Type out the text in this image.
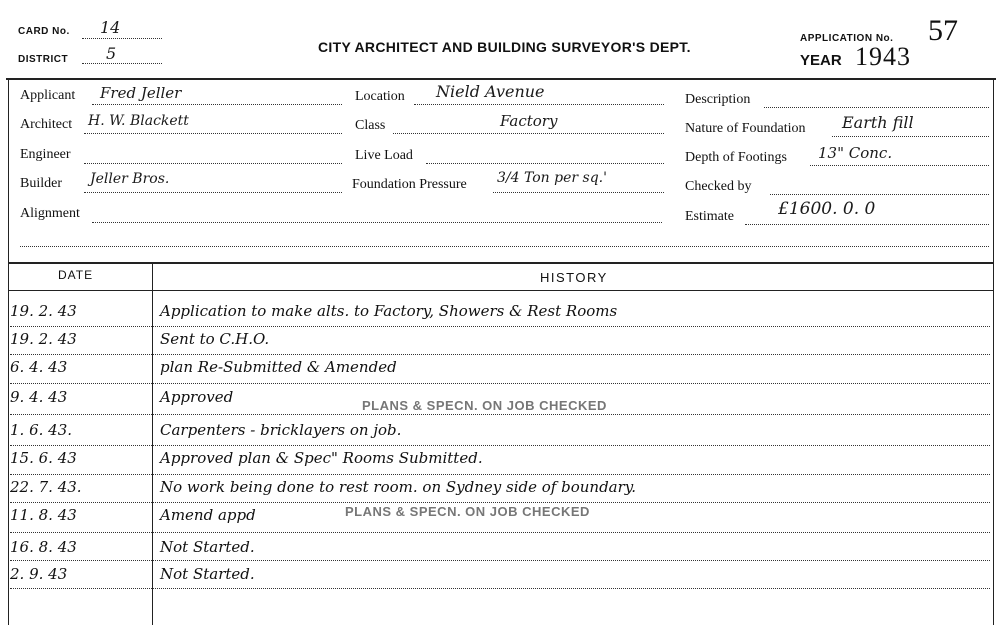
CARD No. 14
DISTRICT 5	CITY ARCHITECT AND BUILDING SURVEYOR'S DEPT.
APPLICATION No. 57
YEAR 1943
Applicant Fred Jeller
Architect H. W. Blackett
Engineer
Builder Jeller Bros.
Alignment
Location Nield Avenue
Class	Factory
Live Load
Foundation Pressure 3/4 Ton per sq.'
Description
Nature of Foundation Earth fill
Depth of Footings 13" Conc.
Checked by
Estimate	£1600. 0. 0
DATE	HISTORY
19. 2. 43	Application to make alts. to Factory, Showers & Rest Rooms
19. 2. 43	Sent to C.H.O.
6. 4. 43	plan Re-Submitted & Amended
9. 4. 43	Approved
1. 6. 43.	Carpenters - bricklayers on job.
15. 6. 43	Approved plan & Spec" Rooms Submitted.
22. 7. 43.	No work being done to rest room. on Sydney side of boundary.
11. 8. 43	Amend appd
16. 8. 43	Not Started.
2. 9. 43	Not Started.
PLANS & SPECN. ON JOB CHECKED
PLANS & SPECN. ON JOB CHECKED
